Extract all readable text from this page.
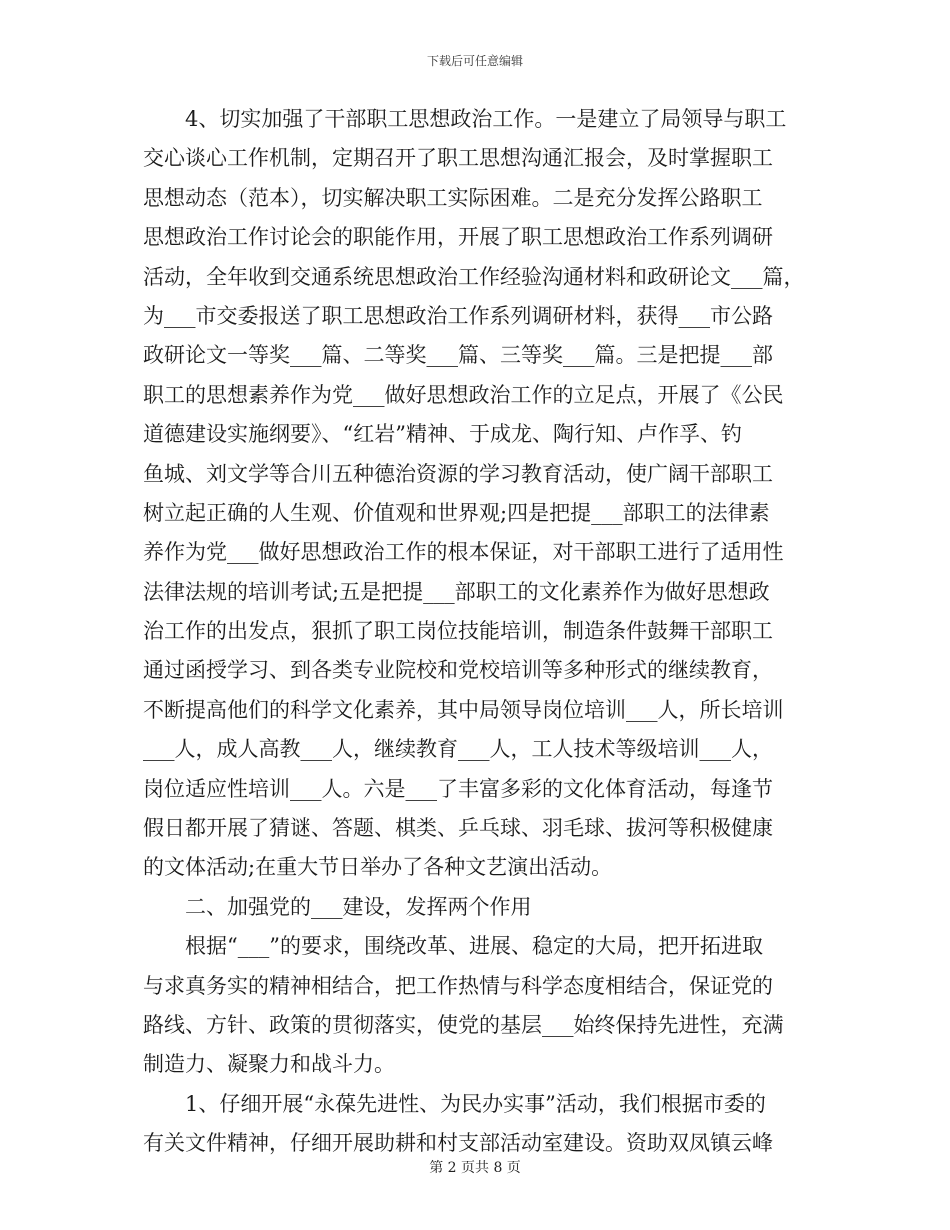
下载后可任意编辑
4、切实加强了干部职工思想政治工作。一是建立了局领导与职工
交心谈心工作机制，定期召开了职工思想沟通汇报会，及时掌握职工
思想动态（范本），切实解决职工实际困难。二是充分发挥公路职工
思想政治工作讨论会的职能作用，开展了职工思想政治工作系列调研
活动，全年收到交通系统思想政治工作经验沟通材料和政研论文___篇，
为___市交委报送了职工思想政治工作系列调研材料，获得___市公路
政研论文一等奖___篇、二等奖___篇、三等奖___篇。三是把提___部
职工的思想素养作为党___做好思想政治工作的立足点，开展了《公民
道德建设实施纲要》、“红岩”精神、于成龙、陶行知、卢作孚、钓
鱼城、刘文学等合川五种德治资源的学习教育活动，使广阔干部职工
树立起正确的人生观、价值观和世界观;四是把提___部职工的法律素
养作为党___做好思想政治工作的根本保证，对干部职工进行了适用性
法律法规的培训考试;五是把提___部职工的文化素养作为做好思想政
治工作的出发点，狠抓了职工岗位技能培训，制造条件鼓舞干部职工
通过函授学习、到各类专业院校和党校培训等多种形式的继续教育，
不断提高他们的科学文化素养，其中局领导岗位培训___人，所长培训
___人，成人高教___人，继续教育___人，工人技术等级培训___人，
岗位适应性培训___人。六是___了丰富多彩的文化体育活动，每逢节
假日都开展了猜谜、答题、棋类、乒乓球、羽毛球、拔河等积极健康
的文体活动;在重大节日举办了各种文艺演出活动。
二、加强党的___建设，发挥两个作用
根据“___”的要求，围绕改革、进展、稳定的大局，把开拓进取
与求真务实的精神相结合，把工作热情与科学态度相结合，保证党的
路线、方针、政策的贯彻落实，使党的基层___始终保持先进性，充满
制造力、凝聚力和战斗力。
1、仔细开展“永葆先进性、为民办实事”活动，我们根据市委的
有关文件精神，仔细开展助耕和村支部活动室建设。资助双凤镇云峰
第 2 页共 8 页
